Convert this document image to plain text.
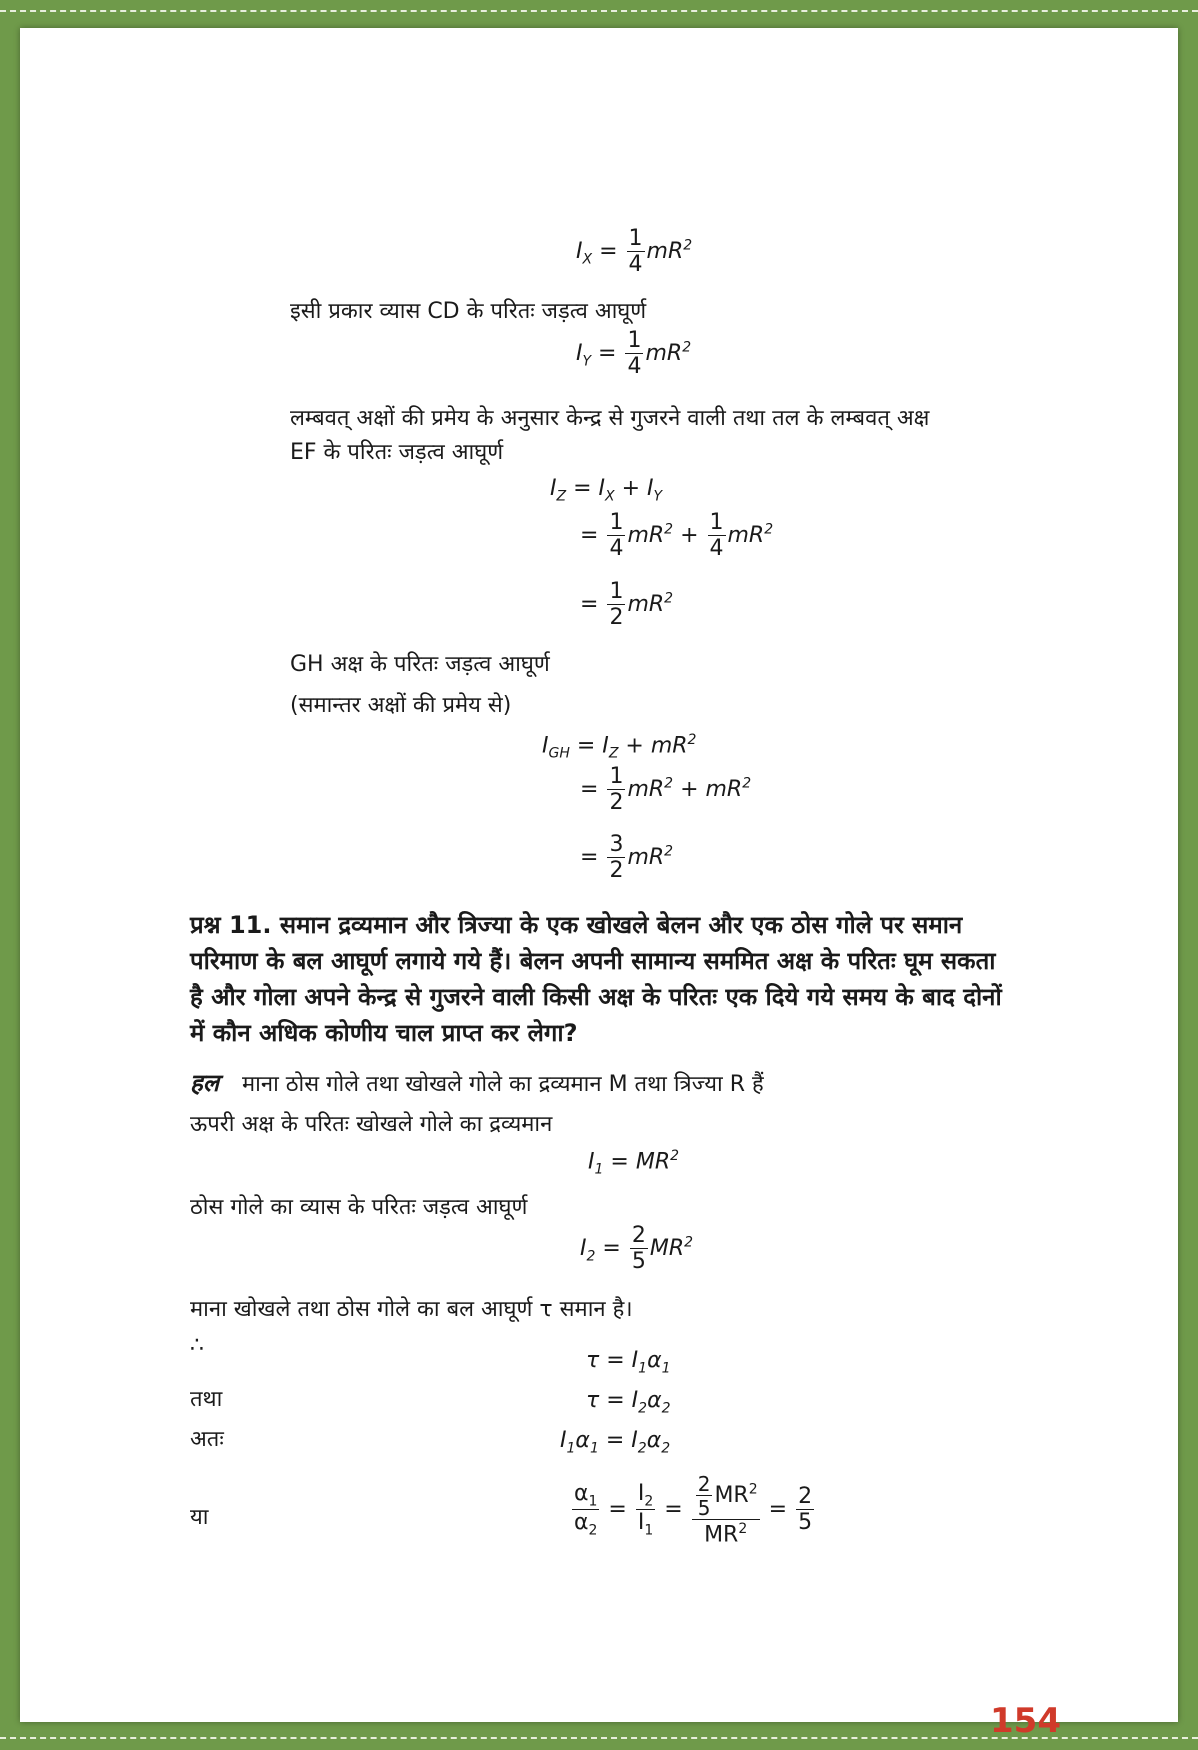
$I_X = \frac{1}{4} mR^2$
इसी प्रकार व्यास CD के परितः जड़त्व आघूर्ण
$I_Y = \frac{1}{4} mR^2$
लम्बवत् अक्षों की प्रमेय के अनुसार केन्द्र से गुजरने वाली तथा तल के लम्बवत् अक्ष
EF के परितः जड़त्व आघूर्ण
$I_Z = I_X + I_Y$
= $\frac{1}{4} mR^2 + \frac{1}{4} mR^2$
= $\frac{1}{2} mR^2$
GH अक्ष के परितः जड़त्व आघूर्ण
(समान्तर अक्षों की प्रमेय से)
$I_{GH} = I_Z + mR^2$
= $\frac{1}{2} mR^2 + mR^2$
= $\frac{3}{2} mR^2$
प्रश्न 11. समान द्रव्यमान और त्रिज्या के एक खोखले बेलन और एक ठोस गोले पर समान
परिमाण के बल आघूर्ण लगाये गये हैं। बेलन अपनी सामान्य सममित अक्ष के परितः घूम सकता
है और गोला अपने केन्द्र से गुजरने वाली किसी अक्ष के परितः एक दिये गये समय के बाद दोनों
में कौन अधिक कोणीय चाल प्राप्त कर लेगा?
हल माना ठोस गोले तथा खोखले गोले का द्रव्यमान M तथा त्रिज्या R हैं
ऊपरी अक्ष के परितः खोखले गोले का द्रव्यमान
$I_1 = MR^2$
ठोस गोले का व्यास के परितः जड़त्व आघूर्ण
$I_2 = \frac{2}{5} MR^2$
माना खोखले तथा ठोस गोले का बल आघूर्ण τ समान है।
∴
$\tau = I_1\alpha_1$
तथा	$\tau = I_2\alpha_2$
अतः	$I_1\alpha_1 = I_2\alpha_2$
या	$\frac{\alpha_1}{\alpha_2} = \frac{I_2}{I_1} = \frac{\frac{2}{5} MR^2}{MR^2} = \frac{2}{5}$
154
